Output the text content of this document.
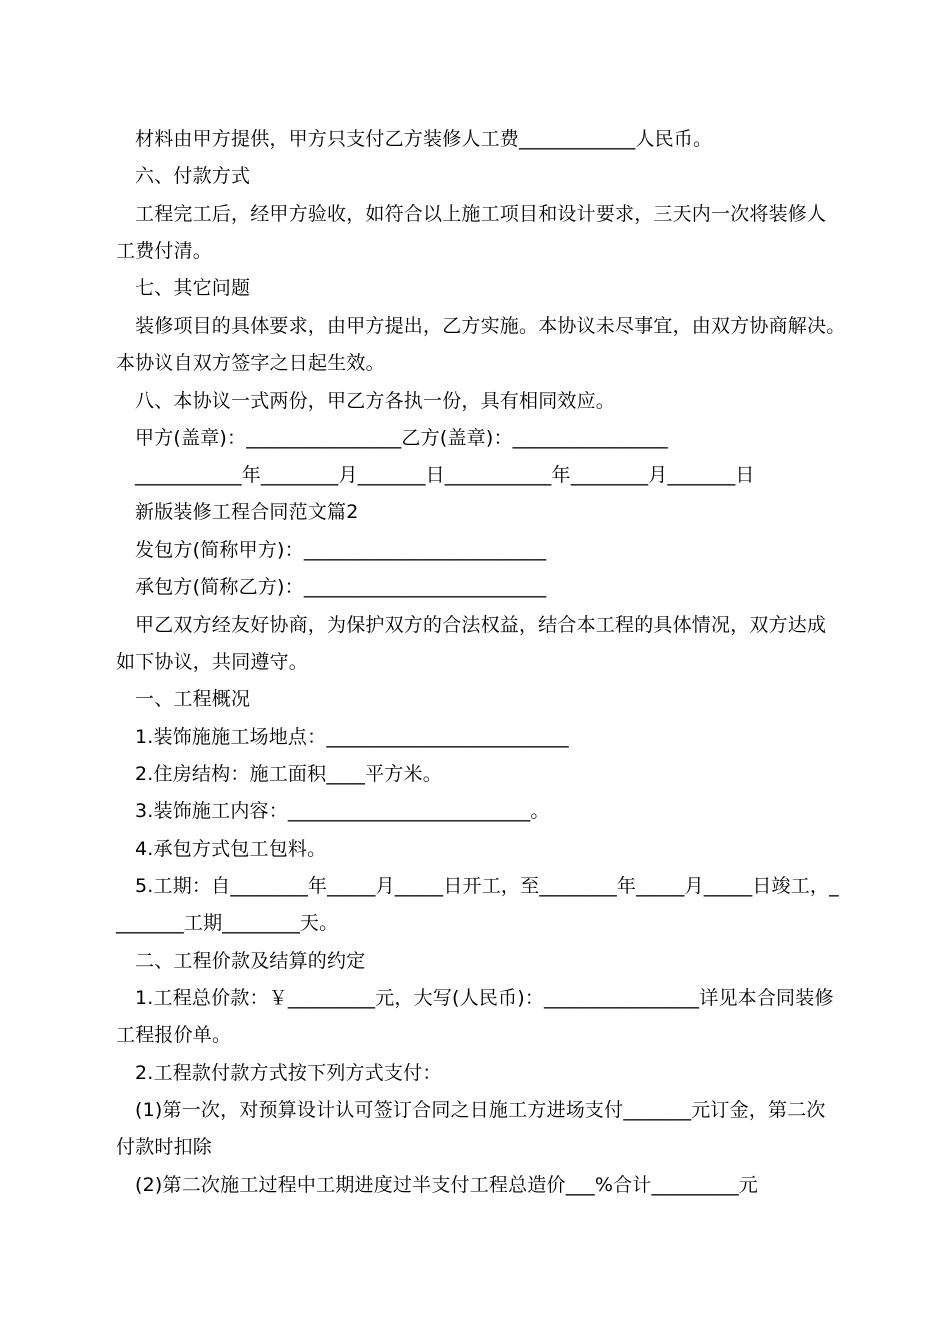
材料由甲方提供，甲方只支付乙方装修人工费____________人民币。
六、付款方式
工程完工后，经甲方验收，如符合以上施工项目和设计要求，三天内一次将装修人
工费付清。
七、其它问题
装修项目的具体要求，由甲方提出，乙方实施。本协议未尽事宜，由双方协商解决。
本协议自双方签字之日起生效。
八、本协议一式两份，甲乙方各执一份，具有相同效应。
甲方(盖章)：________________乙方(盖章)：________________
___________年________月_______日___________年________月_______日
新版装修工程合同范文篇2
发包方(简称甲方)：_________________________
承包方(简称乙方)：_________________________
甲乙双方经友好协商，为保护双方的合法权益，结合本工程的具体情况，双方达成
如下协议，共同遵守。
一、工程概况
1.装饰施施工场地点：_________________________
2.住房结构：施工面积____平方米。
3.装饰施工内容：_________________________。
4.承包方式包工包料。
5.工期：自________年_____月_____日开工，至________年_____月_____日竣工，_
_______工期________天。
二、工程价款及结算的约定
1.工程总价款：￥_________元，大写(人民币)：________________详见本合同装修
工程报价单。
2.工程款付款方式按下列方式支付：
(1)第一次，对预算设计认可签订合同之日施工方进场支付_______元订金，第二次
付款时扣除
(2)第二次施工过程中工期进度过半支付工程总造价___%合计_________元
